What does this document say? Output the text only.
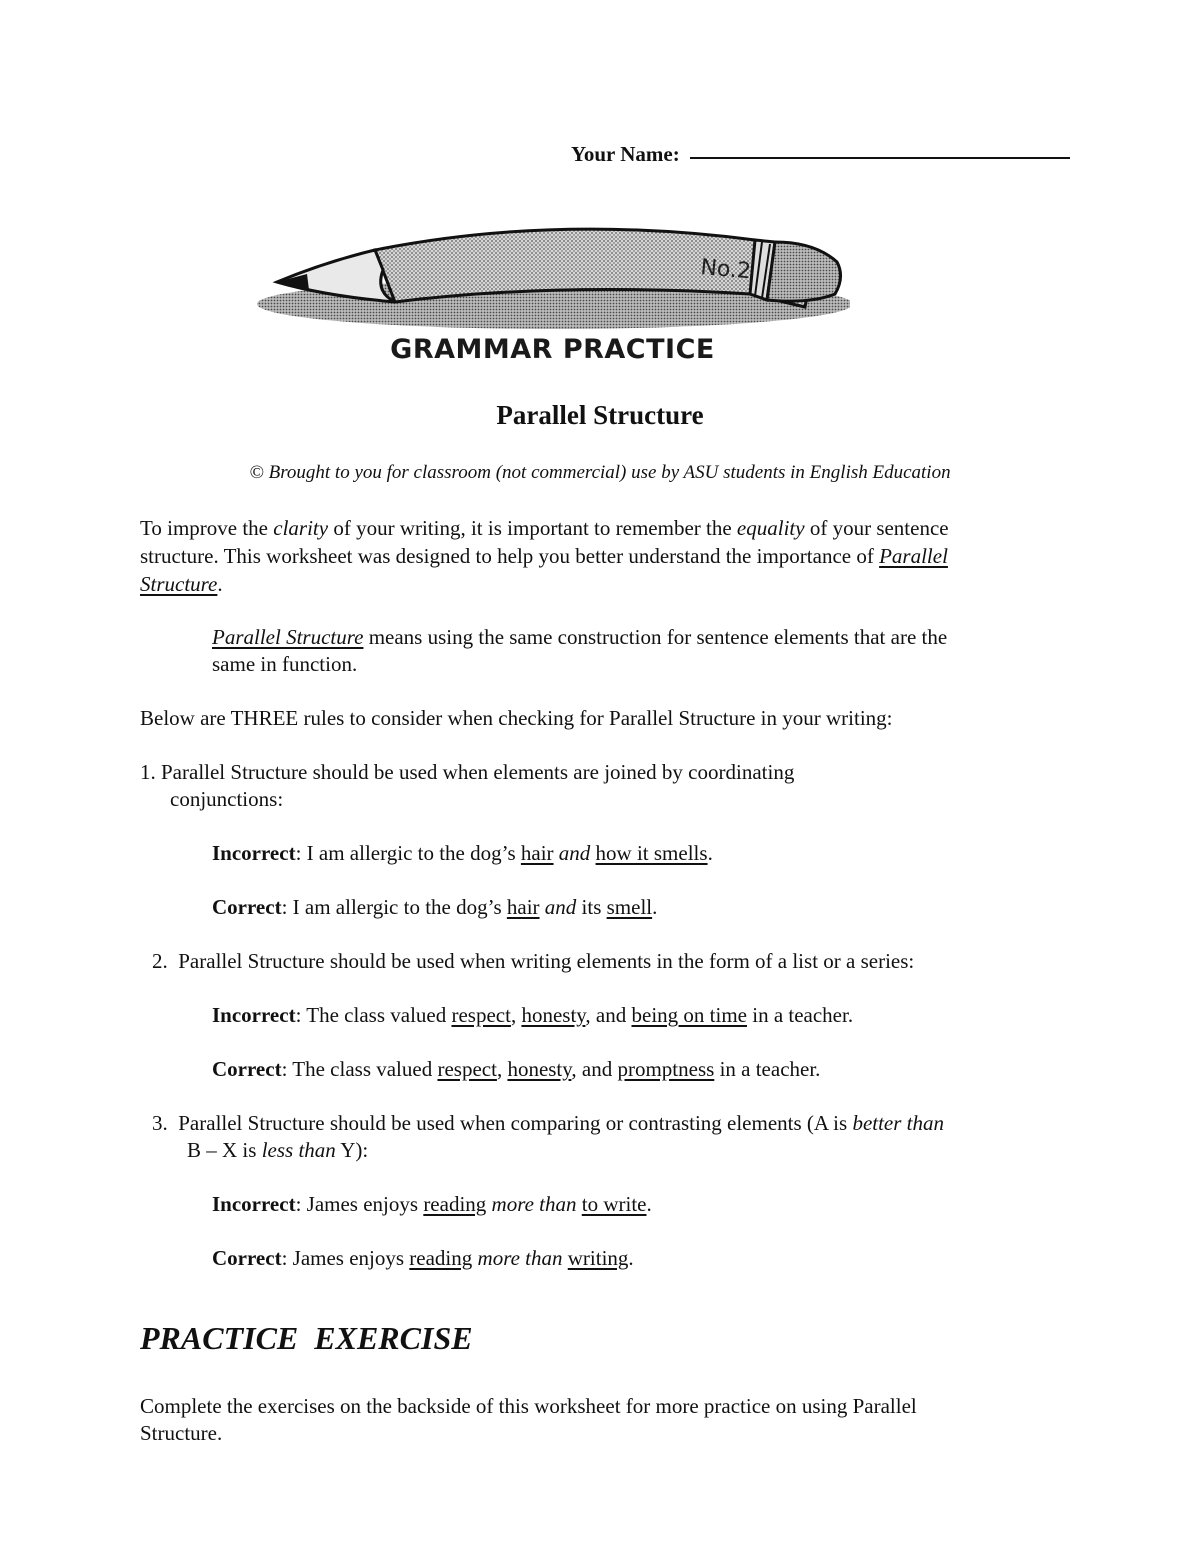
Your Name:
No.2
GRAMMAR PRACTICE
Parallel Structure
© Brought to you for classroom (not commercial) use by ASU students in English Education
To improve the clarity of your writing, it is important to remember the equality of your sentence
structure. This worksheet was designed to help you better understand the importance of Parallel
Structure.
Parallel Structure means using the same construction for sentence elements that are the
same in function.
Below are THREE rules to consider when checking for Parallel Structure in your writing:
1. Parallel Structure should be used when elements are joined by coordinating
conjunctions:
Incorrect: I am allergic to the dog’s hair and how it smells.
Correct: I am allergic to the dog’s hair and its smell.
2. Parallel Structure should be used when writing elements in the form of a list or a series:
Incorrect: The class valued respect, honesty, and being on time in a teacher.
Correct: The class valued respect, honesty, and promptness in a teacher.
3. Parallel Structure should be used when comparing or contrasting elements (A is better than
B – X is less than Y):
Incorrect: James enjoys reading more than to write.
Correct: James enjoys reading more than writing.
PRACTICE  EXERCISE
Complete the exercises on the backside of this worksheet for more practice on using Parallel
Structure.
